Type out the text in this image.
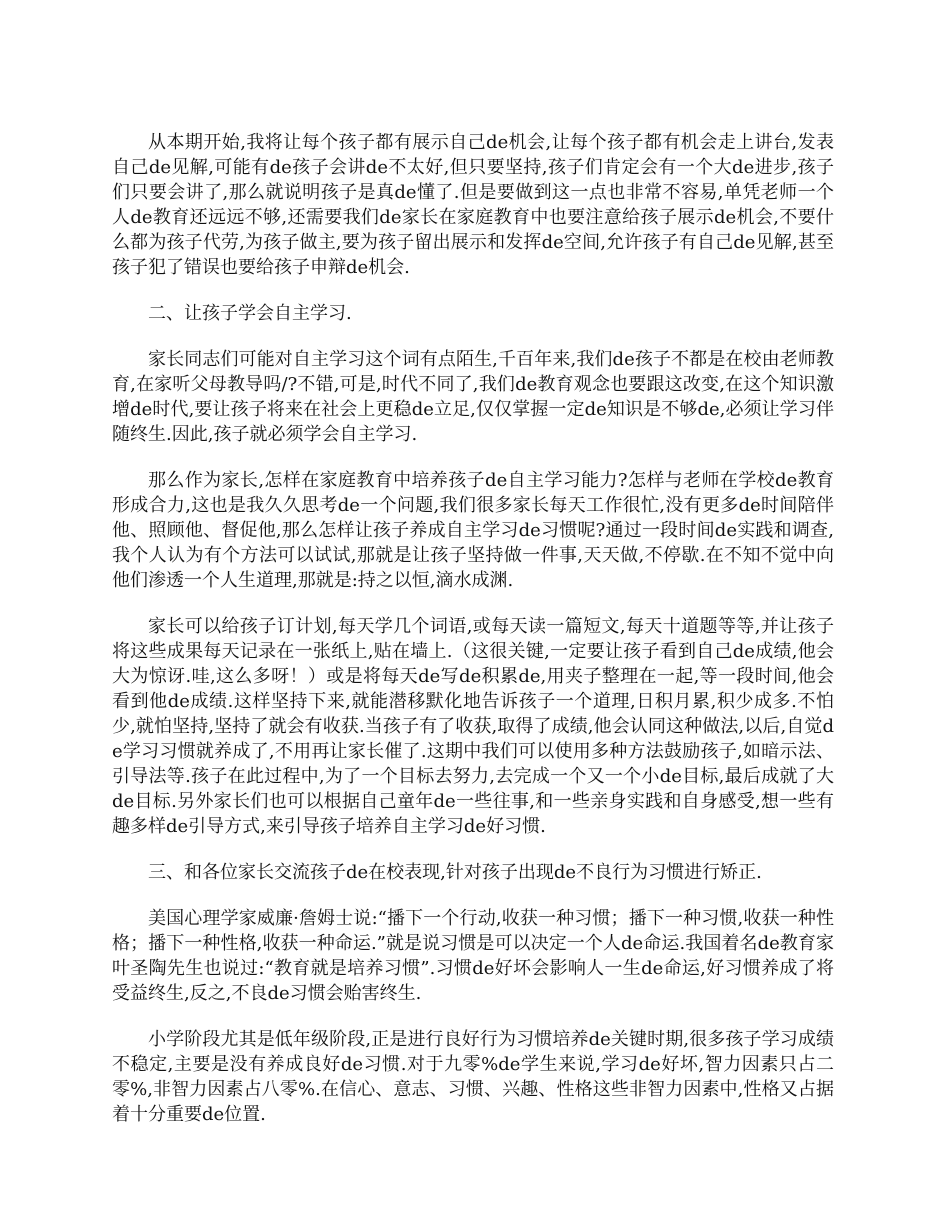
从本期开始,我将让每个孩子都有展示自己de机会,让每个孩子都有机会走上讲台,发表自己de见解,可能有de孩子会讲de不太好,但只要坚持,孩子们肯定会有一个大de进步,孩子们只要会讲了,那么就说明孩子是真de懂了.但是要做到这一点也非常不容易,单凭老师一个人de教育还远远不够,还需要我们de家长在家庭教育中也要注意给孩子展示de机会,不要什么都为孩子代劳,为孩子做主,要为孩子留出展示和发挥de空间,允许孩子有自己de见解,甚至孩子犯了错误也要给孩子申辩de机会.

二、让孩子学会自主学习.

家长同志们可能对自主学习这个词有点陌生,千百年来,我们de孩子不都是在校由老师教育,在家听父母教导吗/?不错,可是,时代不同了,我们de教育观念也要跟这改变,在这个知识激增de时代,要让孩子将来在社会上更稳de立足,仅仅掌握一定de知识是不够de,必须让学习伴随终生.因此,孩子就必须学会自主学习.

那么作为家长,怎样在家庭教育中培养孩子de自主学习能力?怎样与老师在学校de教育形成合力,这也是我久久思考de一个问题,我们很多家长每天工作很忙,没有更多de时间陪伴他、照顾他、督促他,那么怎样让孩子养成自主学习de习惯呢?通过一段时间de实践和调查,我个人认为有个方法可以试试,那就是让孩子坚持做一件事,天天做,不停歇.在不知不觉中向他们渗透一个人生道理,那就是:持之以恒,滴水成渊.

家长可以给孩子订计划,每天学几个词语,或每天读一篇短文,每天十道题等等,并让孩子将这些成果每天记录在一张纸上,贴在墙上.（这很关键,一定要让孩子看到自己de成绩,他会大为惊讶.哇,这么多呀！）或是将每天de写de积累de,用夹子整理在一起,等一段时间,他会看到他de成绩.这样坚持下来,就能潜移默化地告诉孩子一个道理,日积月累,积少成多.不怕少,就怕坚持,坚持了就会有收获.当孩子有了收获,取得了成绩,他会认同这种做法,以后,自觉de学习习惯就养成了,不用再让家长催了.这期中我们可以使用多种方法鼓励孩子,如暗示法、引导法等.孩子在此过程中,为了一个目标去努力,去完成一个又一个小de目标,最后成就了大de目标.另外家长们也可以根据自己童年de一些往事,和一些亲身实践和自身感受,想一些有趣多样de引导方式,来引导孩子培养自主学习de好习惯.

三、和各位家长交流孩子de在校表现,针对孩子出现de不良行为习惯进行矫正.

美国心理学家威廉·詹姆士说:“播下一个行动,收获一种习惯；播下一种习惯,收获一种性格；播下一种性格,收获一种命运.”就是说习惯是可以决定一个人de命运.我国着名de教育家叶圣陶先生也说过:“教育就是培养习惯”.习惯de好坏会影响人一生de命运,好习惯养成了将受益终生,反之,不良de习惯会贻害终生.

小学阶段尤其是低年级阶段,正是进行良好行为习惯培养de关键时期,很多孩子学习成绩不稳定,主要是没有养成良好de习惯.对于九零%de学生来说,学习de好坏,智力因素只占二零%,非智力因素占八零%.在信心、意志、习惯、兴趣、性格这些非智力因素中,性格又占据着十分重要de位置.
